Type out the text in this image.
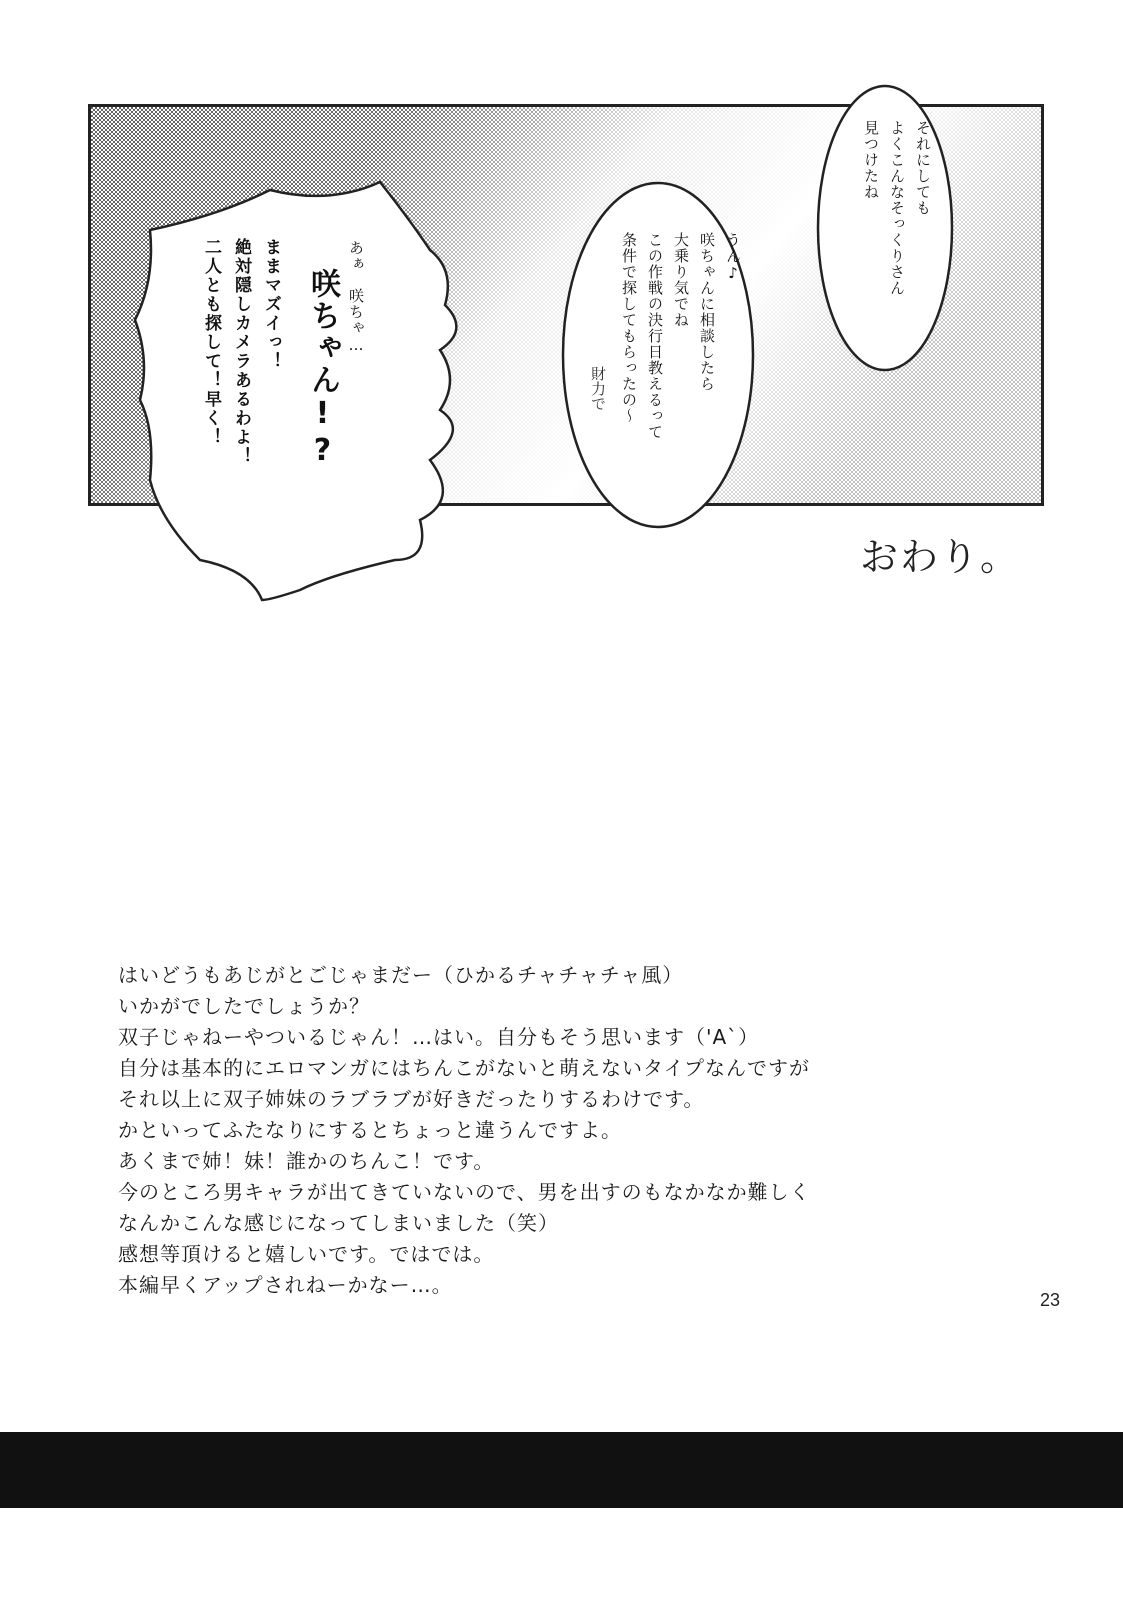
それにしても
よくこんなそっくりさん
見つけたね
うん♪
咲ちゃんに相談したら
大乗り気でね
この作戦の決行日教えるって
条件で探してもらったの〜
財力で
あぁ　咲ちゃ…
咲ちゃん!?
ままマズイっ！
絶対隠しカメラあるわよ！
二人とも探して！早く！
おわり。

はいどうもあじがとごじゃまだー（ひかるチャチャチャ風）

いかがでしたでしょうか？

双子じゃねーやついるじゃん！…はい。自分もそう思います（'A`）

自分は基本的にエロマンガにはちんこがないと萌えないタイプなんですが

それ以上に双子姉妹のラブラブが好きだったりするわけです。

かといってふたなりにするとちょっと違うんですよ。

あくまで姉！妹！誰かのちんこ！です。

今のところ男キャラが出てきていないので、男を出すのもなかなか難しく

なんかこんな感じになってしまいました（笑）

感想等頂けると嬉しいです。ではでは。

本編早くアップされねーかなー…。

23
